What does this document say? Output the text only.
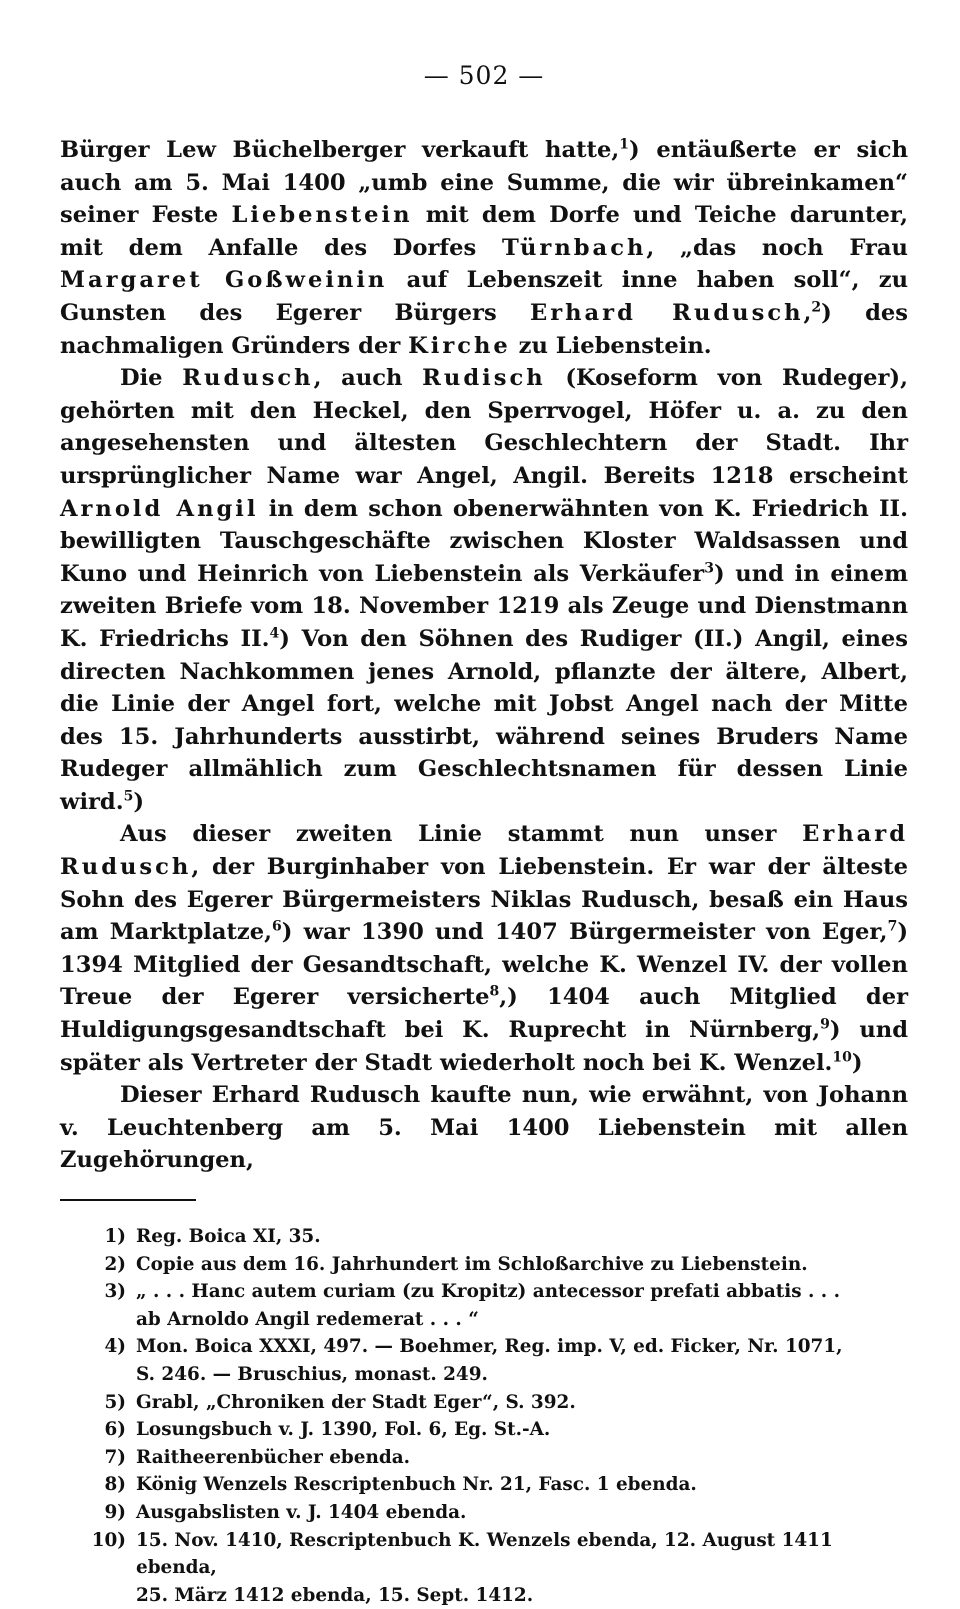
— 502 —

Bürger Lew Büchelberger verkauft hatte,$^1$) entäußerte er sich auch am 5. Mai 1400 „umb eine Summe, die wir übreinkamen“ seiner Feste Liebenstein mit dem Dorfe und Teiche darunter, mit dem Anfalle des Dorfes Türnbach, „das noch Frau Margaret Goßweinin auf Lebenszeit inne haben soll“, zu Gunsten des Egerer Bürgers Erhard Rudusch,$^2$) des nachmaligen Gründers der Kirche zu Liebenstein.

Die Rudusch, auch Rudisch (Koseform von Rudeger), gehörten mit den Heckel, den Sperrvogel, Höfer u. a. zu den angesehensten und ältesten Geschlechtern der Stadt. Ihr ursprünglicher Name war Angel, Angil. Bereits 1218 erscheint Arnold Angil in dem schon obenerwähnten von K. Friedrich II. bewilligten Tauschgeschäfte zwischen Kloster Waldsassen und Kuno und Heinrich von Liebenstein als Verkäufer$^3$) und in einem zweiten Briefe vom 18. November 1219 als Zeuge und Dienstmann K. Friedrichs II.$^4$) Von den Söhnen des Rudiger (II.) Angil, eines directen Nachkommen jenes Arnold, pflanzte der ältere, Albert, die Linie der Angel fort, welche mit Jobst Angel nach der Mitte des 15. Jahrhunderts ausstirbt, während seines Bruders Name Rudeger allmählich zum Geschlechtsnamen für dessen Linie wird.$^5$)

Aus dieser zweiten Linie stammt nun unser Erhard Rudusch, der Burginhaber von Liebenstein. Er war der älteste Sohn des Egerer Bürgermeisters Niklas Rudusch, besaß ein Haus am Marktplatze,$^6$) war 1390 und 1407 Bürgermeister von Eger,$^7$) 1394 Mitglied der Gesandtschaft, welche K. Wenzel IV. der vollen Treue der Egerer versicherte$^8$,) 1404 auch Mitglied der Huldigungsgesandtschaft bei K. Ruprecht in Nürnberg,$^9$) und später als Vertreter der Stadt wiederholt noch bei K. Wenzel.$^{10}$)

Dieser Erhard Rudusch kaufte nun, wie erwähnt, von Johann v. Leuchtenberg am 5. Mai 1400 Liebenstein mit allen Zugehörungen,

1) Reg. Boica XI, 35.
2) Copie aus dem 16. Jahrhundert im Schloßarchive zu Liebenstein.
3) „ . . . Hanc autem curiam (zu Kropitz) antecessor prefati abbatis . . .
ab Arnoldo Angil redemerat . . . “
4) Mon. Boica XXXI, 497. — Boehmer, Reg. imp. V, ed. Ficker, Nr. 1071,
S. 246. — Bruschius, monast. 249.
5) Grabl, „Chroniken der Stadt Eger“, S. 392.
6) Losungsbuch v. J. 1390, Fol. 6, Eg. St.-A.
7) Raitheerenbücher ebenda.
8) König Wenzels Rescriptenbuch Nr. 21, Fasc. 1 ebenda.
9) Ausgabslisten v. J. 1404 ebenda.
10) 15. Nov. 1410, Rescriptenbuch K. Wenzels ebenda, 12. August 1411 ebenda,
25. März 1412 ebenda, 15. Sept. 1412.
